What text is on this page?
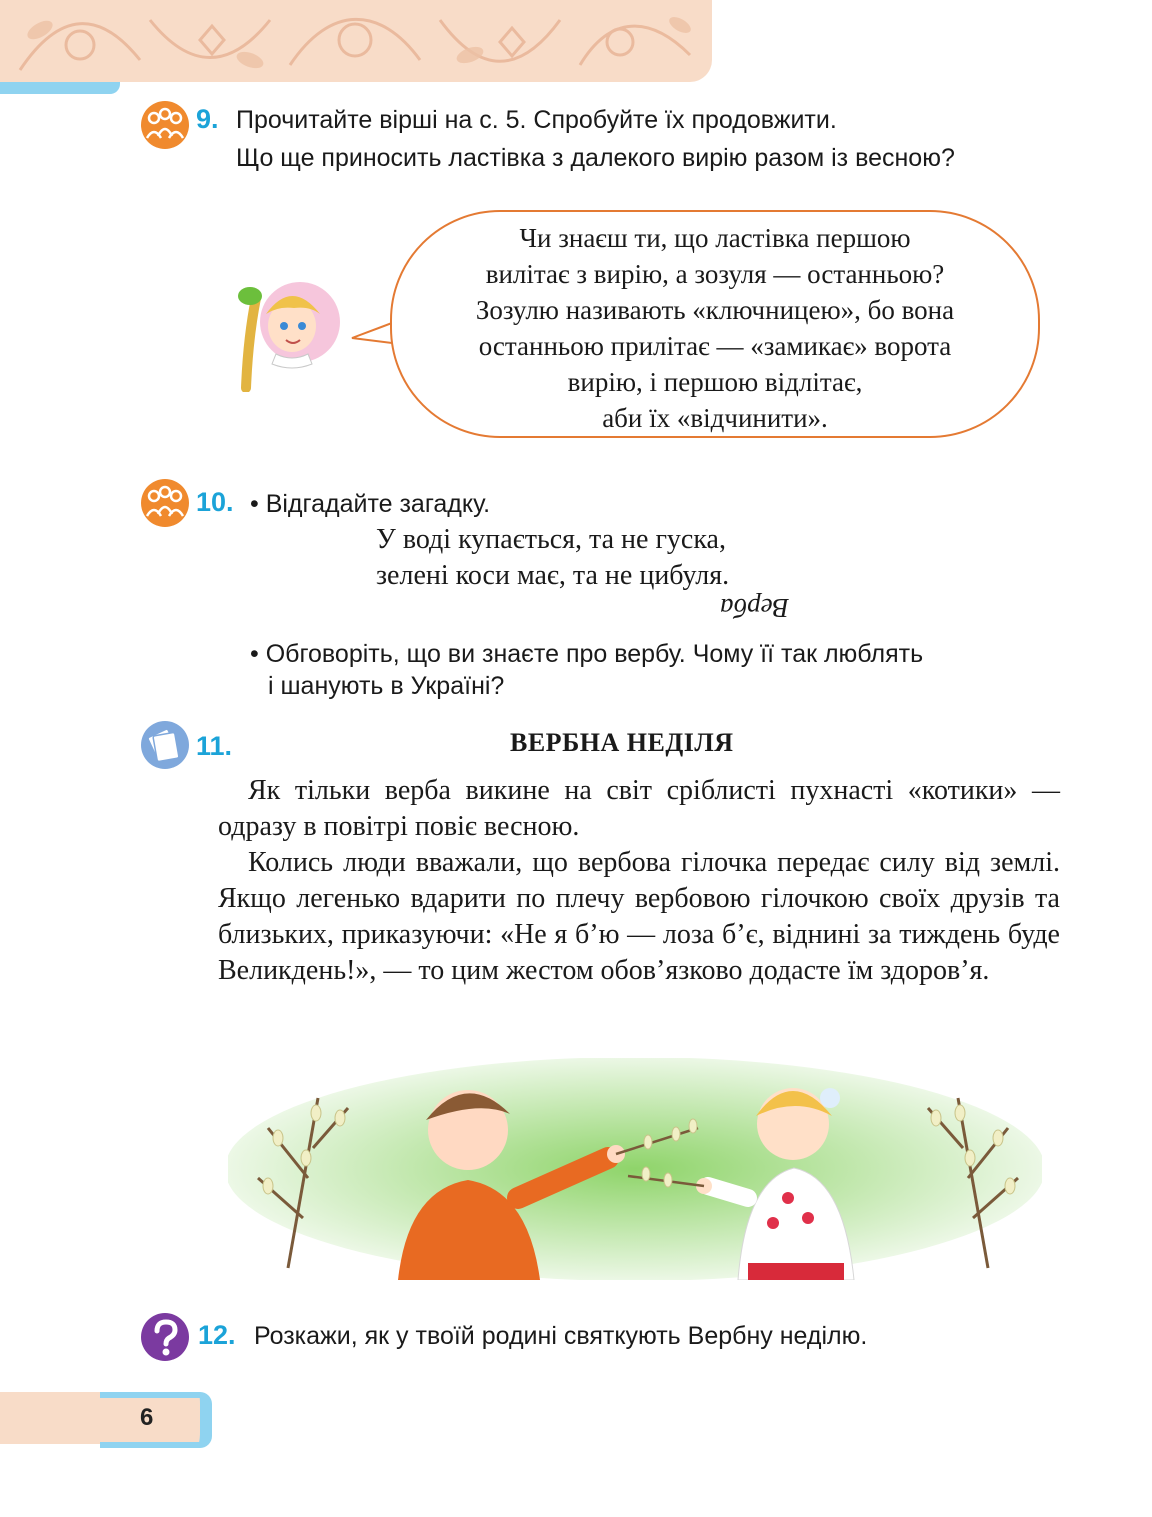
9. Прочитайте вірші на с. 5. Спробуйте їх продовжити.
Що ще приносить ластівка з далекого вирію разом із весною?
Чи знаєш ти, що ластівка першою
вилітає з вирію, а зозуля — останньою?
Зозулю називають «ключницею», бо вона
останньою прилітає — «замикає» ворота
вирію, і першою відлітає,
аби їх «відчинити».
10. • Відгадайте загадку.
У воді купається, та не гуска,
зелені коси має, та не цибуля.
Верба
• Обговоріть, що ви знаєте про вербу. Чому її так люблять
і шанують в Україні?
11.	ВЕРБНА НЕДІЛЯ

Як тільки верба викине на світ сріблисті пухнасті «котики» — одразу в повітрі повіє весною.

Колись люди вважали, що вербова гілочка передає силу від землі. Якщо легенько вдарити по плечу вербовою гілочкою своїх друзів та близьких, приказуючи: «Не я б’ю — лоза б’є, віднині за тиждень буде Великдень!», — то цим жестом обов’язково додасте їм здоров’я.

12. Розкажи, як у твоїй родині святкують Вербну неділю.
6
